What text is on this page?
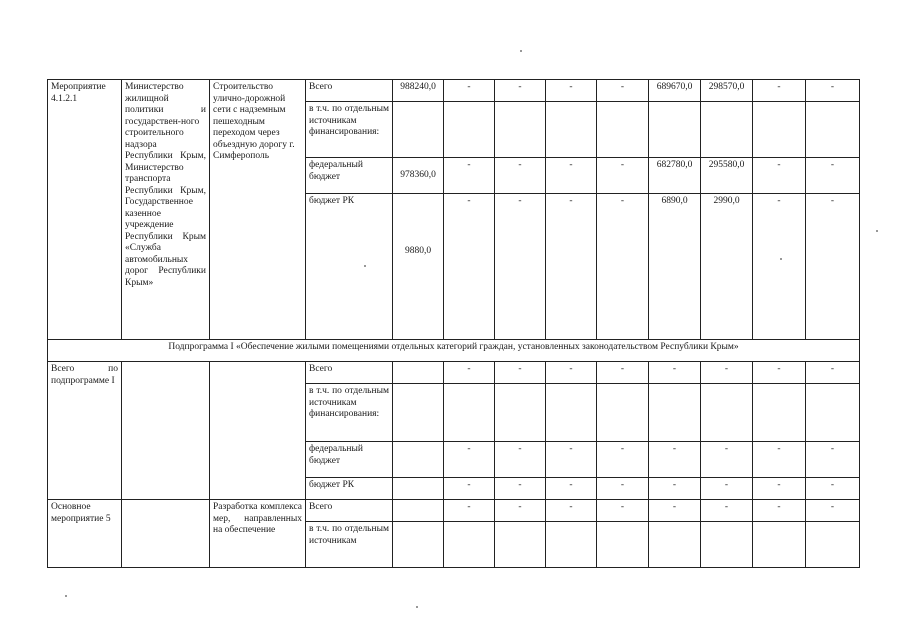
Мероприятие 4.1.2.1	Министерство жилищной политики и государствен-ного строительного надзора Республики Крым, Министерство транспорта Республики Крым, Государственное казенное учреждение Республики Крым «Служба автомобильных дорог Республики Крым»	Строительство улично-дорожной сети с надземным пешеходным переходом через объездную дорогу г. Симферополь	Всего	988240,0	-	-	-	-	689670,0	298570,0	-	-
			в т.ч. по отдельным источникам финансирования:									
			федеральный бюджет	978360,0	-	-	-	-	682780,0	295580,0	-	-
			бюджет РК	9880,0	-	-	-	-	6890,0	2990,0	-	-
Подпрограмма I «Обеспечение жилыми помещениями отдельных категорий граждан, установленных законодательством Республики Крым»												

Всего по подпрограмме I			Всего		-	-	-	-	-	-	-	-
			в т.ч. по отдельным источникам финансирования:									
			федеральный бюджет		-	-	-	-	-	-	-	-
			бюджет РК		-	-	-	-	-	-	-	-
Основное мероприятие 5		Разработка комплекса мер, направленных на обеспечение	Всего		-	-	-	-	-	-	-	-
			в т.ч. по отдельным источникам									
